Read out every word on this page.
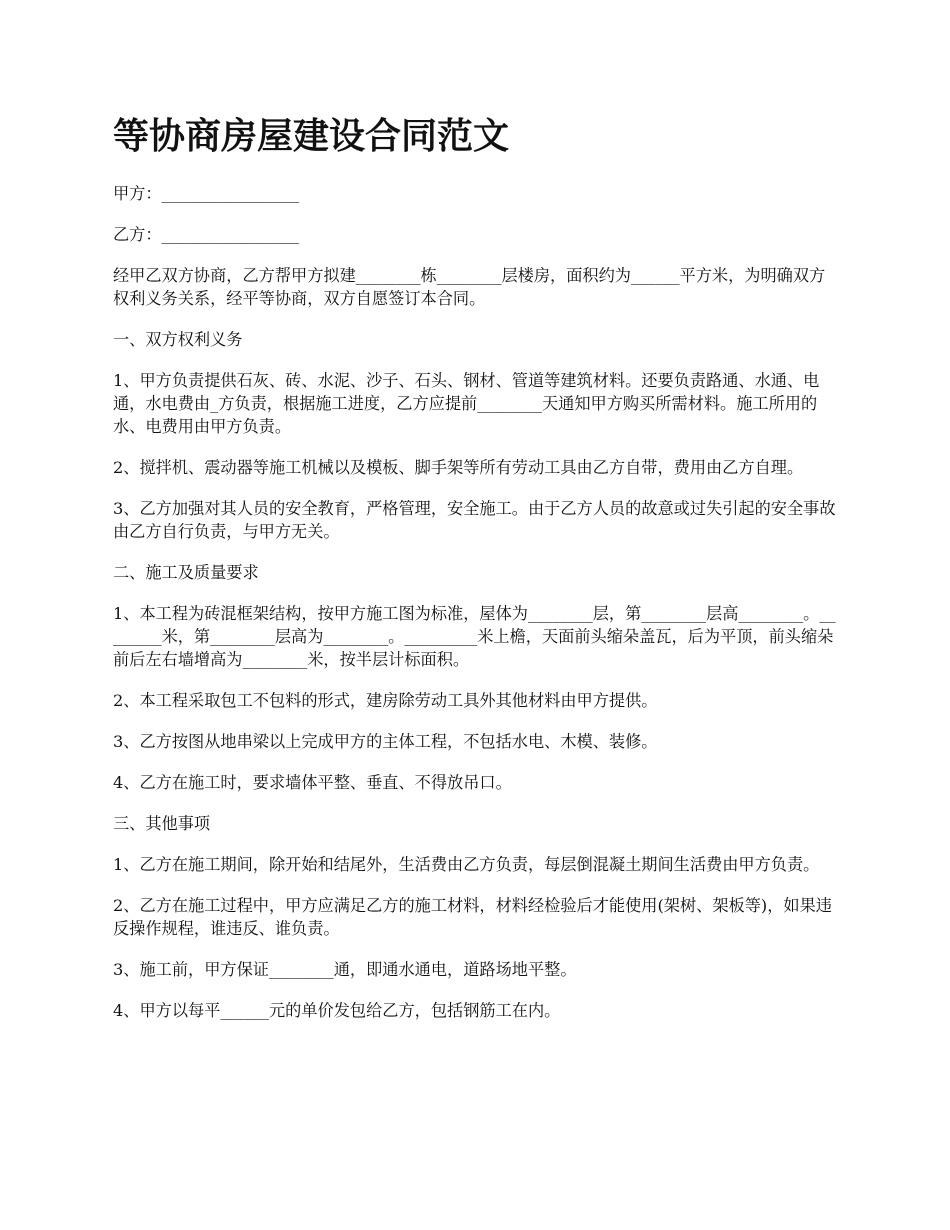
等协商房屋建设合同范文

甲方：_________________

乙方：_________________

经甲乙双方协商，乙方帮甲方拟建________栋________层楼房，面积约为______平方米，为明确双方权利义务关系，经平等协商，双方自愿签订本合同。

一、双方权利义务

1、甲方负责提供石灰、砖、水泥、沙子、石头、钢材、管道等建筑材料。还要负责路通、水通、电通，水电费由_方负责，根据施工进度，乙方应提前________天通知甲方购买所需材料。施工所用的水、电费用由甲方负责。

2、搅拌机、震动器等施工机械以及模板、脚手架等所有劳动工具由乙方自带，费用由乙方自理。

3、乙方加强对其人员的安全教育，严格管理，安全施工。由于乙方人员的故意或过失引起的安全事故由乙方自行负责，与甲方无关。

二、施工及质量要求

1、本工程为砖混框架结构，按甲方施工图为标准，屋体为________层，第________层高________。________米，第________层高为________。_________米上檐，天面前头缩朵盖瓦，后为平顶，前头缩朵前后左右墙增高为________米，按半层计标面积。

2、本工程采取包工不包料的形式，建房除劳动工具外其他材料由甲方提供。

3、乙方按图从地串梁以上完成甲方的主体工程，不包括水电、木模、装修。

4、乙方在施工时，要求墙体平整、垂直、不得放吊口。

三、其他事项

1、乙方在施工期间，除开始和结尾外，生活费由乙方负责，每层倒混凝土期间生活费由甲方负责。

2、乙方在施工过程中，甲方应满足乙方的施工材料，材料经检验后才能使用(架树、架板等)，如果违反操作规程，谁违反、谁负责。

3、施工前，甲方保证________通，即通水通电，道路场地平整。

4、甲方以每平______元的单价发包给乙方，包括钢筋工在内。
